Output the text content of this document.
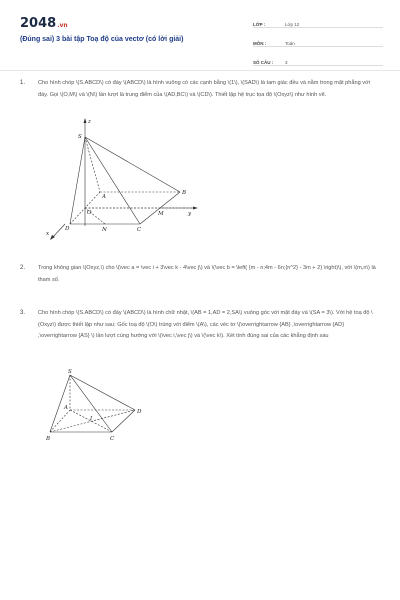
2048.vn
(Đúng sai) 3 bài tập Toạ độ của vectơ (có lời giải)
LỚP :	Lớp 12
MÔN :	Toán
SỐ CÂU :	3
1. Cho hình chóp \(S.ABCD\) có đáy \(ABCD\) là hình vuông có các cạnh bằng \(1\), \(SAD\) là tam giác đều và nằm trong mặt phẳng với đáy. Gọi \(O,M\) và \(N\) lần lượt là trung điểm của \(AD,BC\) và \(CD\). Thiết lập hệ trục tọa độ \(Oxyz\) như hình vẽ.
z
S
B
A
O	M	y
D	N	C
x
2. Trong không gian \(Oxyz,\) cho \(\vec a = \vec i + 3\vec k - 4\vec j\) và \(\vec b = \left( {m - n;4m - 6n;{n^2} - 3m + 2} \right)\), với \(m,n\) là tham số.
3. Cho hình chóp \(S.ABCD\) có đáy \(ABCD\) là hình chữ nhật, \(AB = 1,AD = 2,SA\) vuông góc với mặt đáy và \(SA = 3\). Với hệ toạ độ \(Oxyz\) được thiết lập như sau: Gốc toạ độ \(O\) trùng với điểm \(A\), các véc tơ \(\overrightarrow {AB} ,\overrightarrow {AD} ,\overrightarrow {AS} \) lần lượt cùng hướng với \(\vec i,\vec j\) và \(\vec k\). Xét tính đúng sai của các khẳng định sau
S
A
I
D
B	C
